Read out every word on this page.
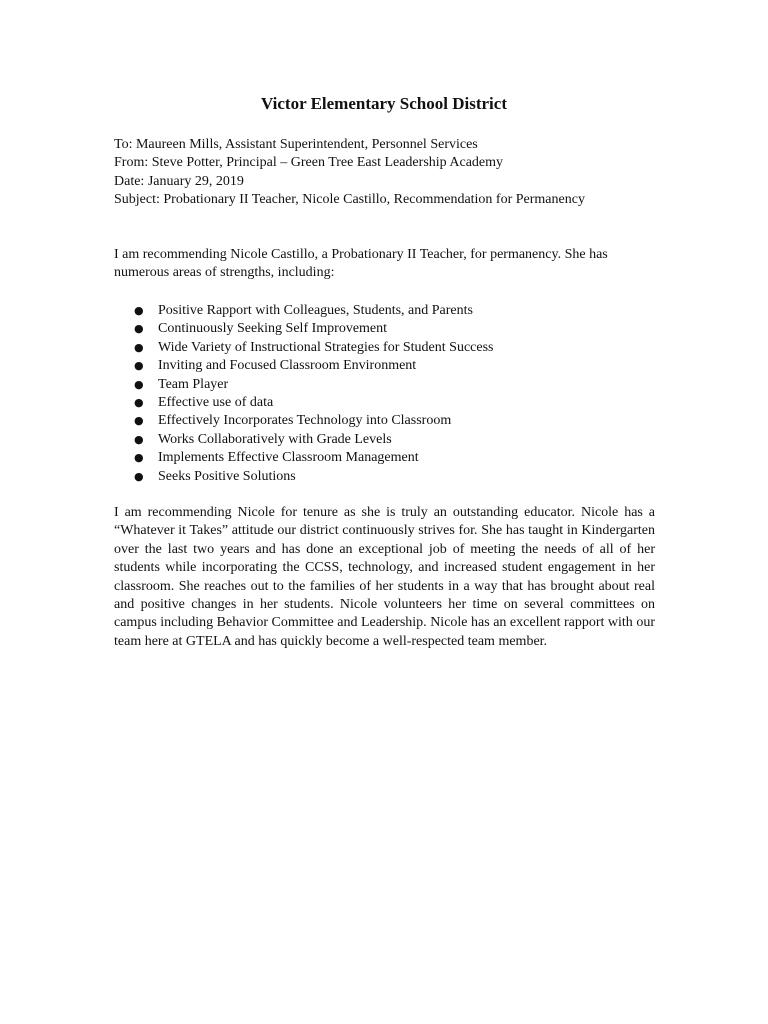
Victor Elementary School District
To: Maureen Mills, Assistant Superintendent, Personnel Services
From: Steve Potter, Principal – Green Tree East Leadership Academy
Date: January 29, 2019
Subject: Probationary II Teacher, Nicole Castillo, Recommendation for Permanency

I am recommending Nicole Castillo, a Probationary II Teacher, for permanency. She has numerous areas of strengths, including:

● Positive Rapport with Colleagues, Students, and Parents
● Continuously Seeking Self Improvement
● Wide Variety of Instructional Strategies for Student Success
● Inviting and Focused Classroom Environment
● Team Player
● Effective use of data
● Effectively Incorporates Technology into Classroom
● Works Collaboratively with Grade Levels
● Implements Effective Classroom Management
● Seeks Positive Solutions

I am recommending Nicole for tenure as she is truly an outstanding educator. Nicole has a “Whatever it Takes” attitude our district continuously strives for. She has taught in Kindergarten over the last two years and has done an exceptional job of meeting the needs of all of her students while incorporating the CCSS, technology, and increased student engagement in her classroom. She reaches out to the families of her students in a way that has brought about real and positive changes in her students. Nicole volunteers her time on several committees on campus including Behavior Committee and Leadership. Nicole has an excellent rapport with our team here at GTELA and has quickly become a well-respected team member.
